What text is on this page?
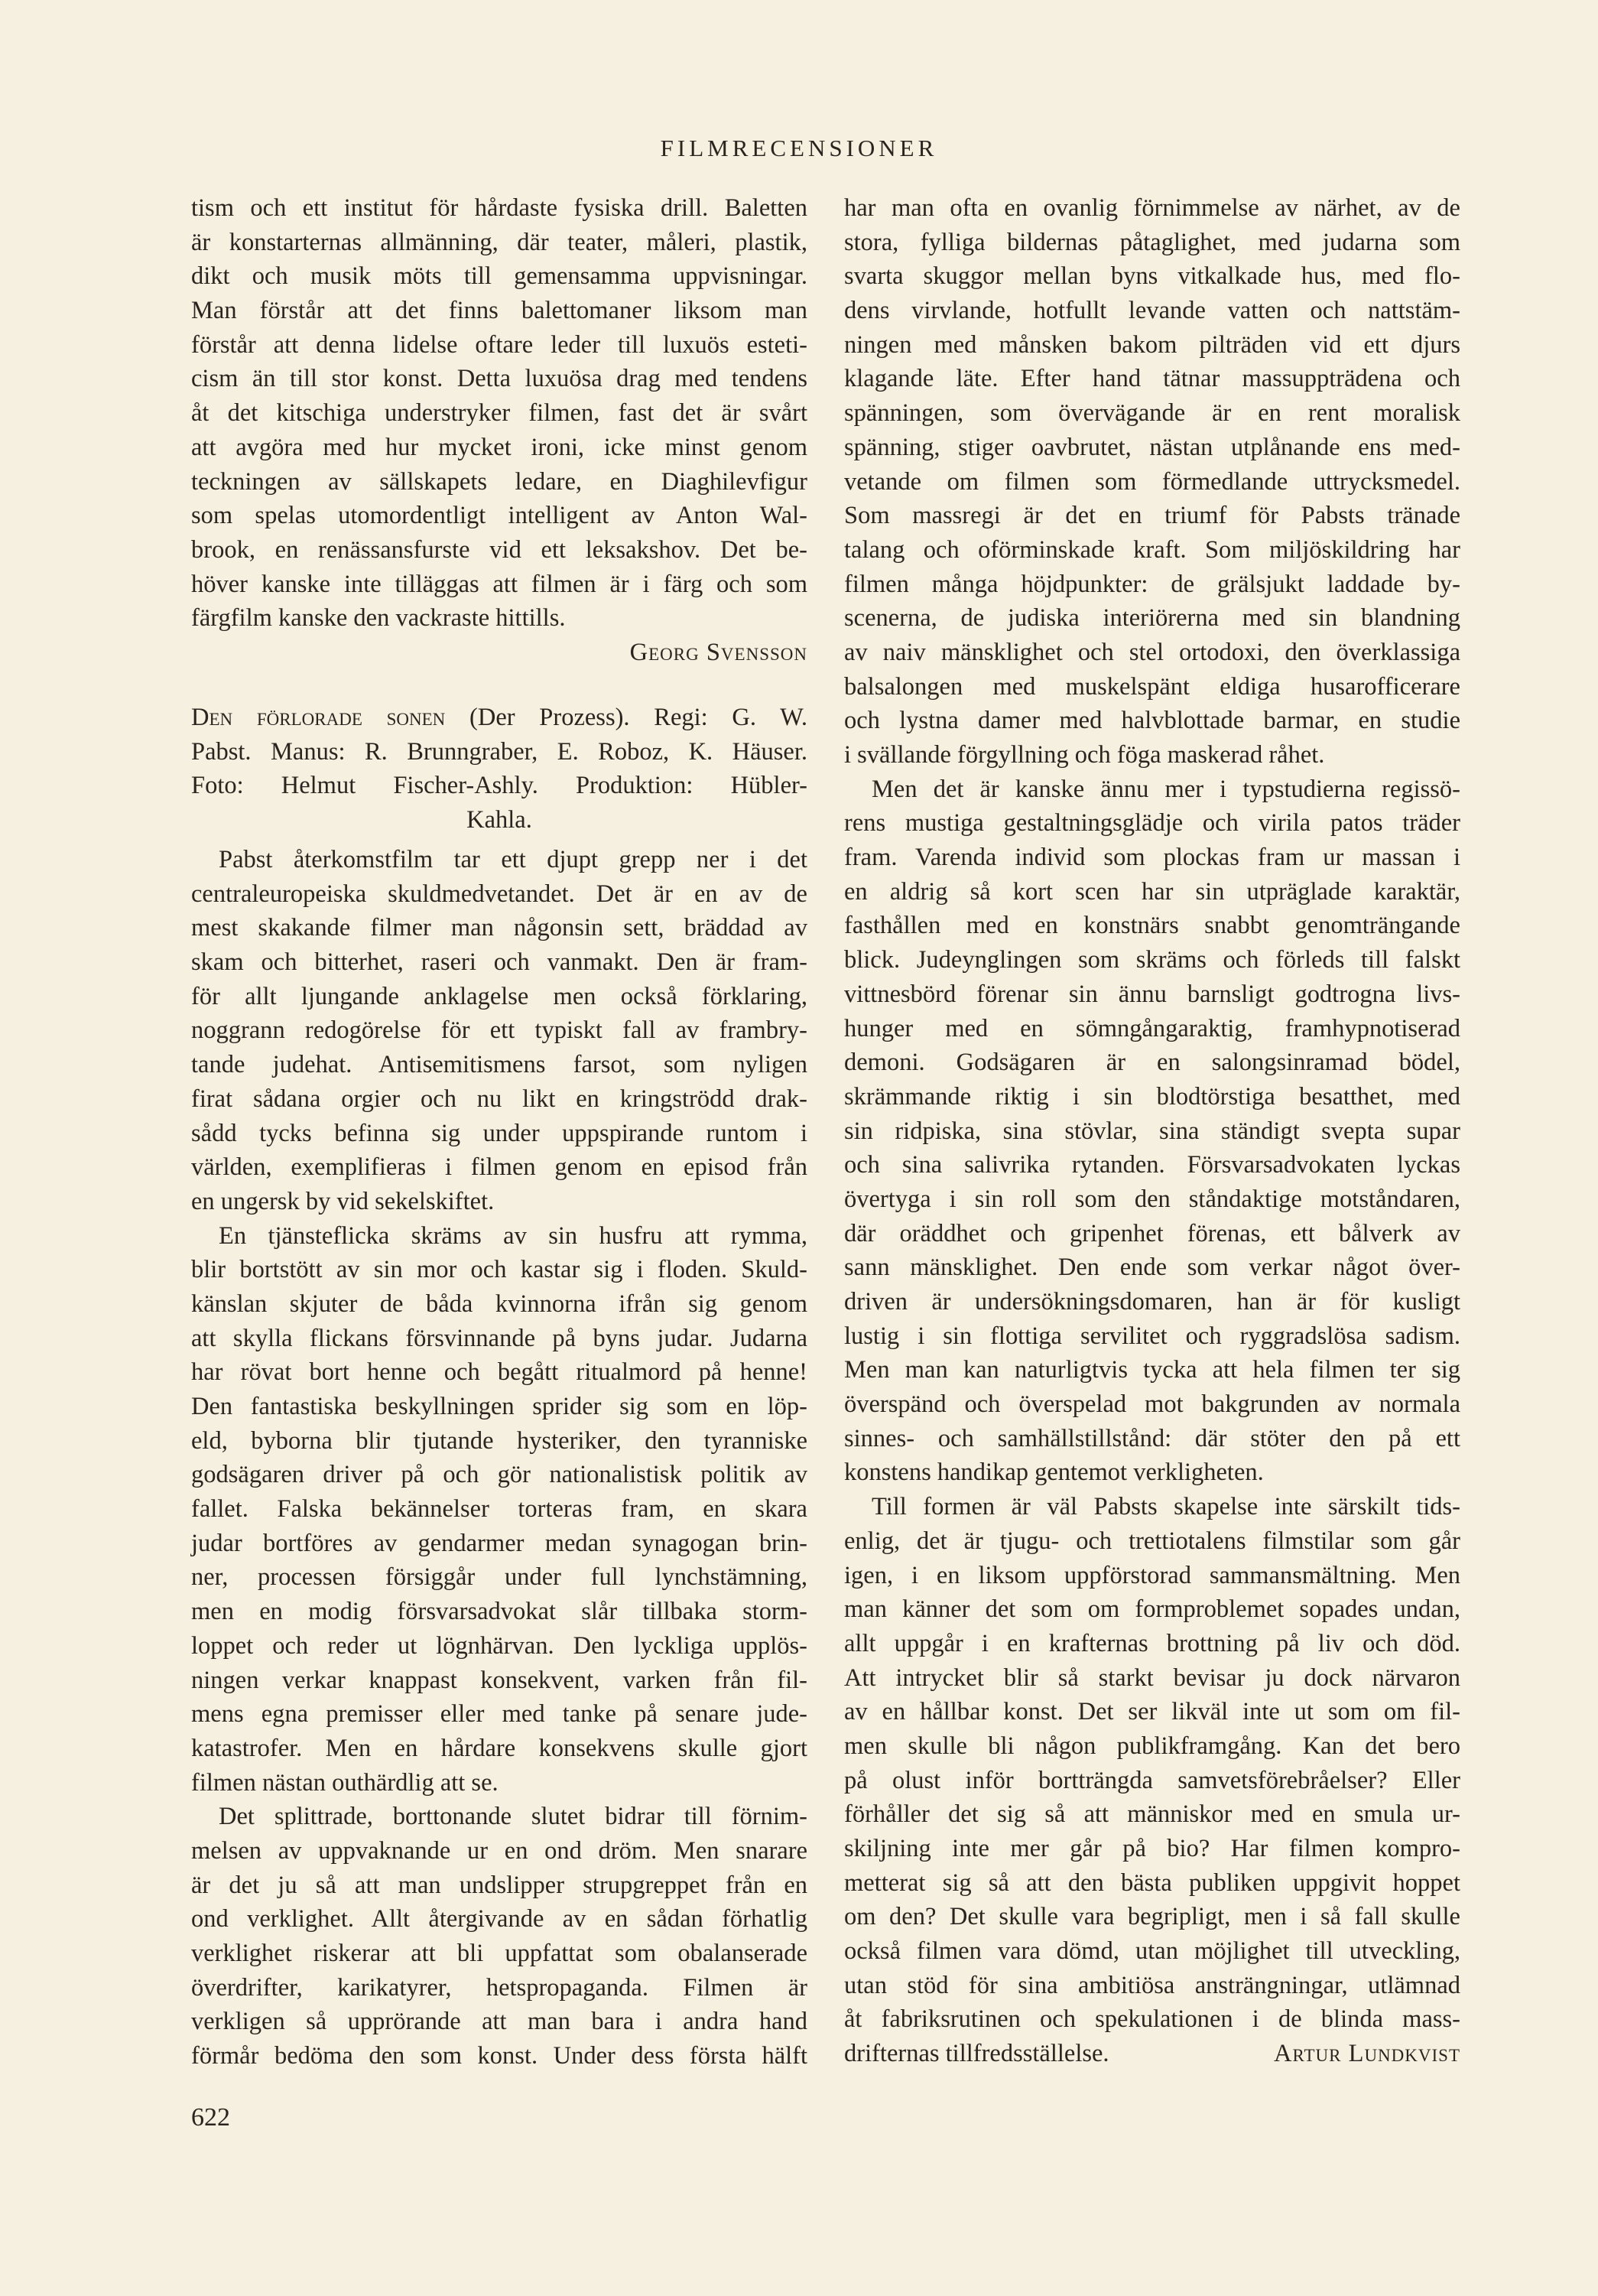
FILMRECENSIONER
tism och ett institut för hårdaste fysiska drill. Baletten
är konstarternas allmänning, där teater, måleri, plastik,
dikt och musik möts till gemensamma uppvisningar.
Man förstår att det finns balettomaner liksom man
förstår att denna lidelse oftare leder till luxuös esteti-
cism än till stor konst. Detta luxuösa drag med tendens
åt det kitschiga understryker filmen, fast det är svårt
att avgöra med hur mycket ironi, icke minst genom
teckningen av sällskapets ledare, en Diaghilevfigur
som spelas utomordentligt intelligent av Anton Wal-
brook, en renässansfurste vid ett leksakshov. Det be-
höver kanske inte tilläggas att filmen är i färg och som
färgfilm kanske den vackraste hittills.
Georg Svensson
Den förlorade sonen (Der Prozess). Regi: G. W.
Pabst. Manus: R. Brunngraber, E. Roboz, K. Häuser.
Foto: Helmut Fischer-Ashly. Produktion: Hübler-
Kahla.
Pabst återkomstfilm tar ett djupt grepp ner i det
centraleuropeiska skuldmedvetandet. Det är en av de
mest skakande filmer man någonsin sett, bräddad av
skam och bitterhet, raseri och vanmakt. Den är fram-
för allt ljungande anklagelse men också förklaring,
noggrann redogörelse för ett typiskt fall av frambry-
tande judehat. Antisemitismens farsot, som nyligen
firat sådana orgier och nu likt en kringströdd drak-
sådd tycks befinna sig under uppspirande runtom i
världen, exemplifieras i filmen genom en episod från
en ungersk by vid sekelskiftet.
En tjänsteflicka skräms av sin husfru att rymma,
blir bortstött av sin mor och kastar sig i floden. Skuld-
känslan skjuter de båda kvinnorna ifrån sig genom
att skylla flickans försvinnande på byns judar. Judarna
har rövat bort henne och begått ritualmord på henne!
Den fantastiska beskyllningen sprider sig som en löp-
eld, byborna blir tjutande hysteriker, den tyranniske
godsägaren driver på och gör nationalistisk politik av
fallet. Falska bekännelser torteras fram, en skara
judar bortföres av gendarmer medan synagogan brin-
ner, processen försiggår under full lynchstämning,
men en modig försvarsadvokat slår tillbaka storm-
loppet och reder ut lögnhärvan. Den lyckliga upplös-
ningen verkar knappast konsekvent, varken från fil-
mens egna premisser eller med tanke på senare jude-
katastrofer. Men en hårdare konsekvens skulle gjort
filmen nästan outhärdlig att se.
Det splittrade, borttonande slutet bidrar till förnim-
melsen av uppvaknande ur en ond dröm. Men snarare
är det ju så att man undslipper strupgreppet från en
ond verklighet. Allt återgivande av en sådan förhatlig
verklighet riskerar att bli uppfattat som obalanserade
överdrifter, karikatyrer, hetspropaganda. Filmen är
verkligen så upprörande att man bara i andra hand
förmår bedöma den som konst. Under dess första hälft
har man ofta en ovanlig förnimmelse av närhet, av de
stora, fylliga bildernas påtaglighet, med judarna som
svarta skuggor mellan byns vitkalkade hus, med flo-
dens virvlande, hotfullt levande vatten och nattstäm-
ningen med månsken bakom pilträden vid ett djurs
klagande läte. Efter hand tätnar massuppträdena och
spänningen, som övervägande är en rent moralisk
spänning, stiger oavbrutet, nästan utplånande ens med-
vetande om filmen som förmedlande uttrycksmedel.
Som massregi är det en triumf för Pabsts tränade
talang och oförminskade kraft. Som miljöskildring har
filmen många höjdpunkter: de grälsjukt laddade by-
scenerna, de judiska interiörerna med sin blandning
av naiv mänsklighet och stel ortodoxi, den överklassiga
balsalongen med muskelspänt eldiga husarofficerare
och lystna damer med halvblottade barmar, en studie
i svällande förgyllning och föga maskerad råhet.
Men det är kanske ännu mer i typstudierna regissö-
rens mustiga gestaltningsglädje och virila patos träder
fram. Varenda individ som plockas fram ur massan i
en aldrig så kort scen har sin utpräglade karaktär,
fasthållen med en konstnärs snabbt genomträngande
blick. Judeynglingen som skräms och förleds till falskt
vittnesbörd förenar sin ännu barnsligt godtrogna livs-
hunger med en sömngångaraktig, framhypnotiserad
demoni. Godsägaren är en salongsinramad bödel,
skrämmande riktig i sin blodtörstiga besatthet, med
sin ridpiska, sina stövlar, sina ständigt svepta supar
och sina salivrika rytanden. Försvarsadvokaten lyckas
övertyga i sin roll som den ståndaktige motståndaren,
där oräddhet och gripenhet förenas, ett bålverk av
sann mänsklighet. Den ende som verkar något över-
driven är undersökningsdomaren, han är för kusligt
lustig i sin flottiga servilitet och ryggradslösa sadism.
Men man kan naturligtvis tycka att hela filmen ter sig
överspänd och överspelad mot bakgrunden av normala
sinnes- och samhällstillstånd: där stöter den på ett
konstens handikap gentemot verkligheten.
Till formen är väl Pabsts skapelse inte särskilt tids-
enlig, det är tjugu- och trettiotalens filmstilar som går
igen, i en liksom uppförstorad sammansmältning. Men
man känner det som om formproblemet sopades undan,
allt uppgår i en krafternas brottning på liv och död.
Att intrycket blir så starkt bevisar ju dock närvaron
av en hållbar konst. Det ser likväl inte ut som om fil-
men skulle bli någon publikframgång. Kan det bero
på olust inför bortträngda samvetsförebråelser? Eller
förhåller det sig så att människor med en smula ur-
skiljning inte mer går på bio? Har filmen kompro-
metterat sig så att den bästa publiken uppgivit hoppet
om den? Det skulle vara begripligt, men i så fall skulle
också filmen vara dömd, utan möjlighet till utveckling,
utan stöd för sina ambitiösa ansträngningar, utlämnad
åt fabriksrutinen och spekulationen i de blinda mass-
drifternas tillfredsställelse.	Artur Lundkvist
622
